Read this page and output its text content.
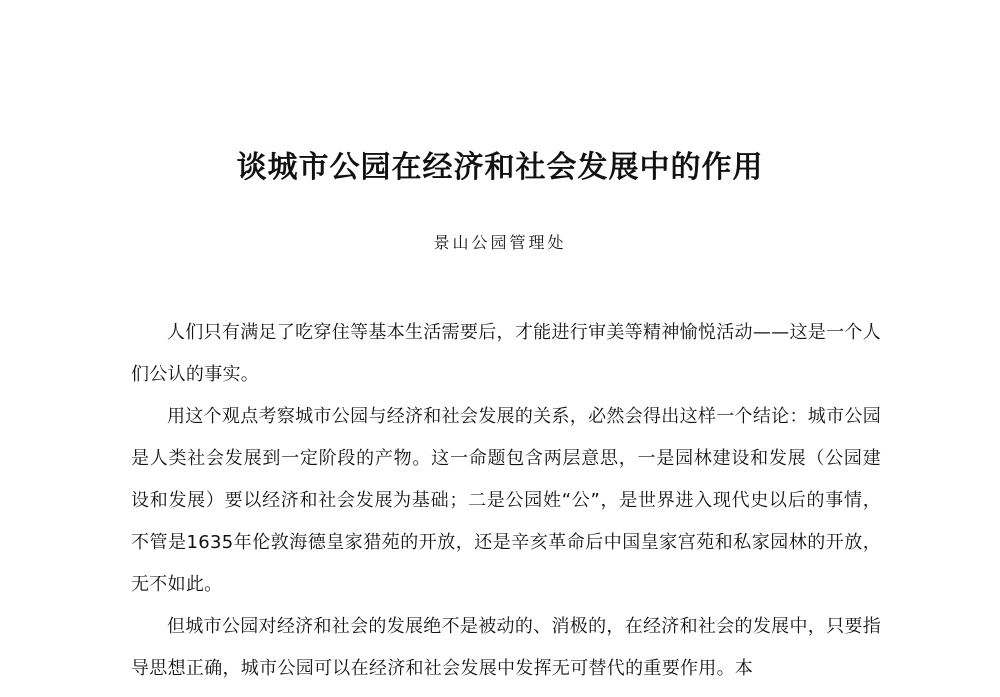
谈城市公园在经济和社会发展中的作用
景山公园管理处

人们只有满足了吃穿住等基本生活需要后，才能进行审美等精神愉悦活动——这是一个人们公认的事实。

用这个观点考察城市公园与经济和社会发展的关系，必然会得出这样一个结论：城市公园是人类社会发展到一定阶段的产物。这一命题包含两层意思，一是园林建设和发展（公园建设和发展）要以经济和社会发展为基础；二是公园姓“公”，是世界进入现代史以后的事情，不管是1635年伦敦海德皇家猎苑的开放，还是辛亥革命后中国皇家宫苑和私家园林的开放，无不如此。

但城市公园对经济和社会的发展绝不是被动的、消极的，在经济和社会的发展中，只要指导思想正确，城市公园可以在经济和社会发展中发挥无可替代的重要作用。本
